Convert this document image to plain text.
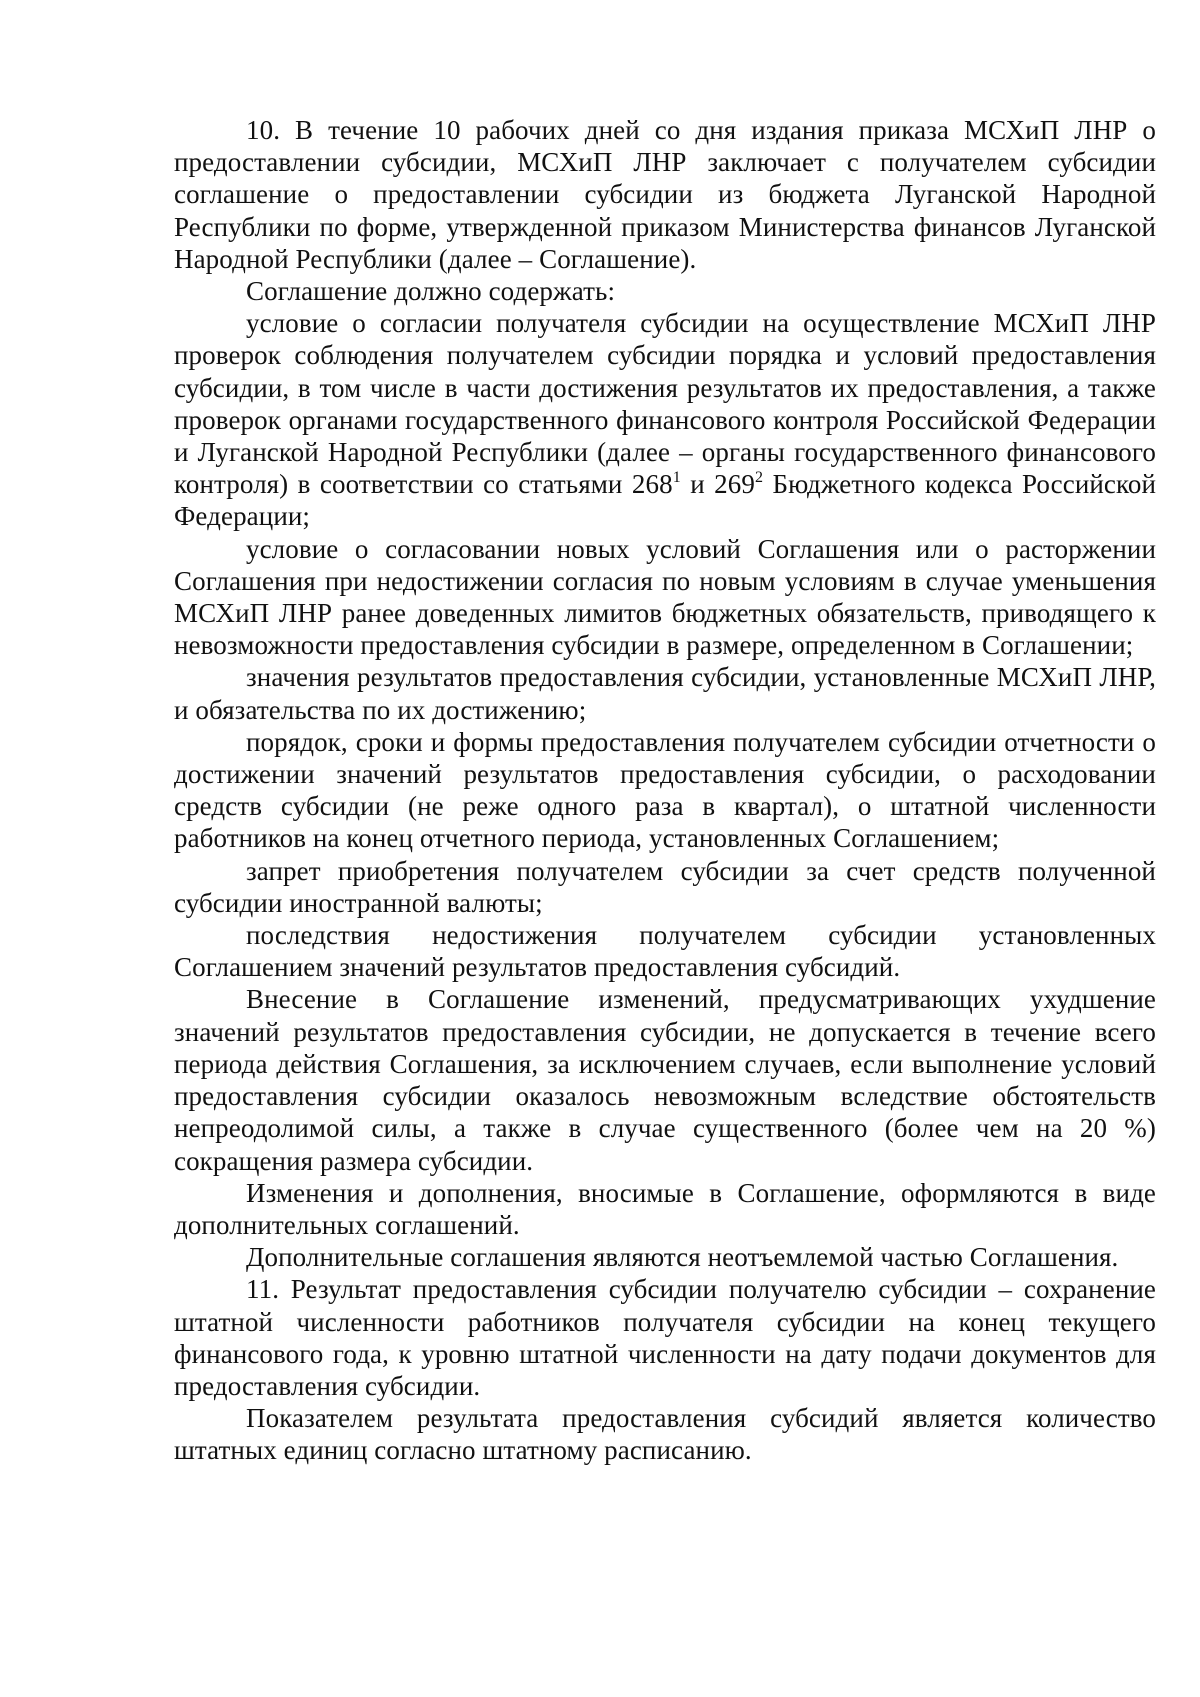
10. В течение 10 рабочих дней со дня издания приказа МСХиП ЛНР о предоставлении субсидии, МСХиП ЛНР заключает с получателем субсидии соглашение о предоставлении субсидии из бюджета Луганской Народной Республики по форме, утвержденной приказом Министерства финансов Луганской Народной Республики (далее – Соглашение).

Соглашение должно содержать:

условие о согласии получателя субсидии на осуществление МСХиП ЛНР проверок соблюдения получателем субсидии порядка и условий предоставления субсидии, в том числе в части достижения результатов их предоставления, а также проверок органами государственного финансового контроля Российской Федерации и Луганской Народной Республики (далее – органы государственного финансового контроля) в соответствии со статьями $268^1$ и $269^2$ Бюджетного кодекса Российской Федерации;

условие о согласовании новых условий Соглашения или о расторжении Соглашения при недостижении согласия по новым условиям в случае уменьшения МСХиП ЛНР ранее доведенных лимитов бюджетных обязательств, приводящего к невозможности предоставления субсидии в размере, определенном в Соглашении;

значения результатов предоставления субсидии, установленные МСХиП ЛНР, и обязательства по их достижению;

порядок, сроки и формы предоставления получателем субсидии отчетности о достижении значений результатов предоставления субсидии, о расходовании средств субсидии (не реже одного раза в квартал), о штатной численности работников на конец отчетного периода, установленных Соглашением;

запрет приобретения получателем субсидии за счет средств полученной субсидии иностранной валюты;

последствия недостижения получателем субсидии установленных Соглашением значений результатов предоставления субсидий.

Внесение в Соглашение изменений, предусматривающих ухудшение значений результатов предоставления субсидии, не допускается в течение всего периода действия Соглашения, за исключением случаев, если выполнение условий предоставления субсидии оказалось невозможным вследствие обстоятельств непреодолимой силы, а также в случае существенного (более чем на 20 %) сокращения размера субсидии.

Изменения и дополнения, вносимые в Соглашение, оформляются в виде дополнительных соглашений.

Дополнительные соглашения являются неотъемлемой частью Соглашения.

11. Результат предоставления субсидии получателю субсидии – сохранение штатной численности работников получателя субсидии на конец текущего финансового года, к уровню штатной численности на дату подачи документов для предоставления субсидии.

Показателем результата предоставления субсидий является количество штатных единиц согласно штатному расписанию.
